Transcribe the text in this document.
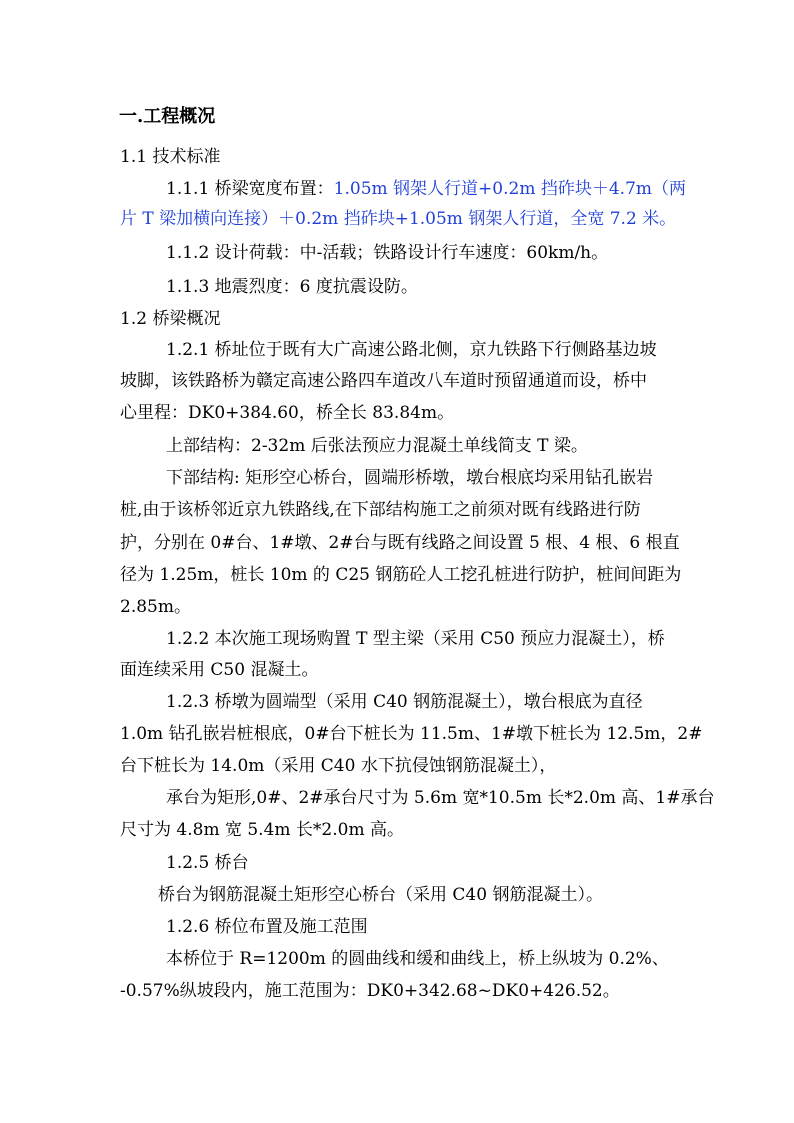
一.工程概况
1.1 技术标准
1.1.1 桥梁宽度布置：1.05m 钢架人行道+0.2m 挡砟块＋4.7m（两
片 T 梁加横向连接）＋0.2m 挡砟块+1.05m 钢架人行道，全宽 7.2 米。
1.1.2 设计荷载：中-活载；铁路设计行车速度：60km/h。
1.1.3 地震烈度：6 度抗震设防。
1.2 桥梁概况
1.2.1 桥址位于既有大广高速公路北侧，京九铁路下行侧路基边坡
坡脚，该铁路桥为赣定高速公路四车道改八车道时预留通道而设，桥中
心里程：DK0+384.60，桥全长 83.84m。
上部结构：2-32m 后张法预应力混凝土单线简支 T 梁。
下部结构: 矩形空心桥台，圆端形桥墩，墩台根底均采用钻孔嵌岩
桩,由于该桥邻近京九铁路线,在下部结构施工之前须对既有线路进行防
护，分别在 0#台、1#墩、2#台与既有线路之间设置 5 根、4 根、6 根直
径为 1.25m，桩长 10m 的 C25 钢筋砼人工挖孔桩进行防护，桩间间距为
2.85m。
1.2.2 本次施工现场购置 T 型主梁（采用 C50 预应力混凝土），桥
面连续采用 C50 混凝土。
1.2.3 桥墩为圆端型（采用 C40 钢筋混凝土），墩台根底为直径
1.0m 钻孔嵌岩桩根底，0#台下桩长为 11.5m、1#墩下桩长为 12.5m，2#
台下桩长为 14.0m（采用 C40 水下抗侵蚀钢筋混凝土），
承台为矩形,0#、2#承台尺寸为 5.6m 宽*10.5m 长*2.0m 高、1#承台
尺寸为 4.8m 宽 5.4m 长*2.0m 高。
1.2.5 桥台
桥台为钢筋混凝土矩形空心桥台（采用 C40 钢筋混凝土）。
1.2.6 桥位布置及施工范围
本桥位于 R=1200m 的圆曲线和缓和曲线上，桥上纵坡为 0.2%、
-0.57%纵坡段内，施工范围为：DK0+342.68~DK0+426.52。
